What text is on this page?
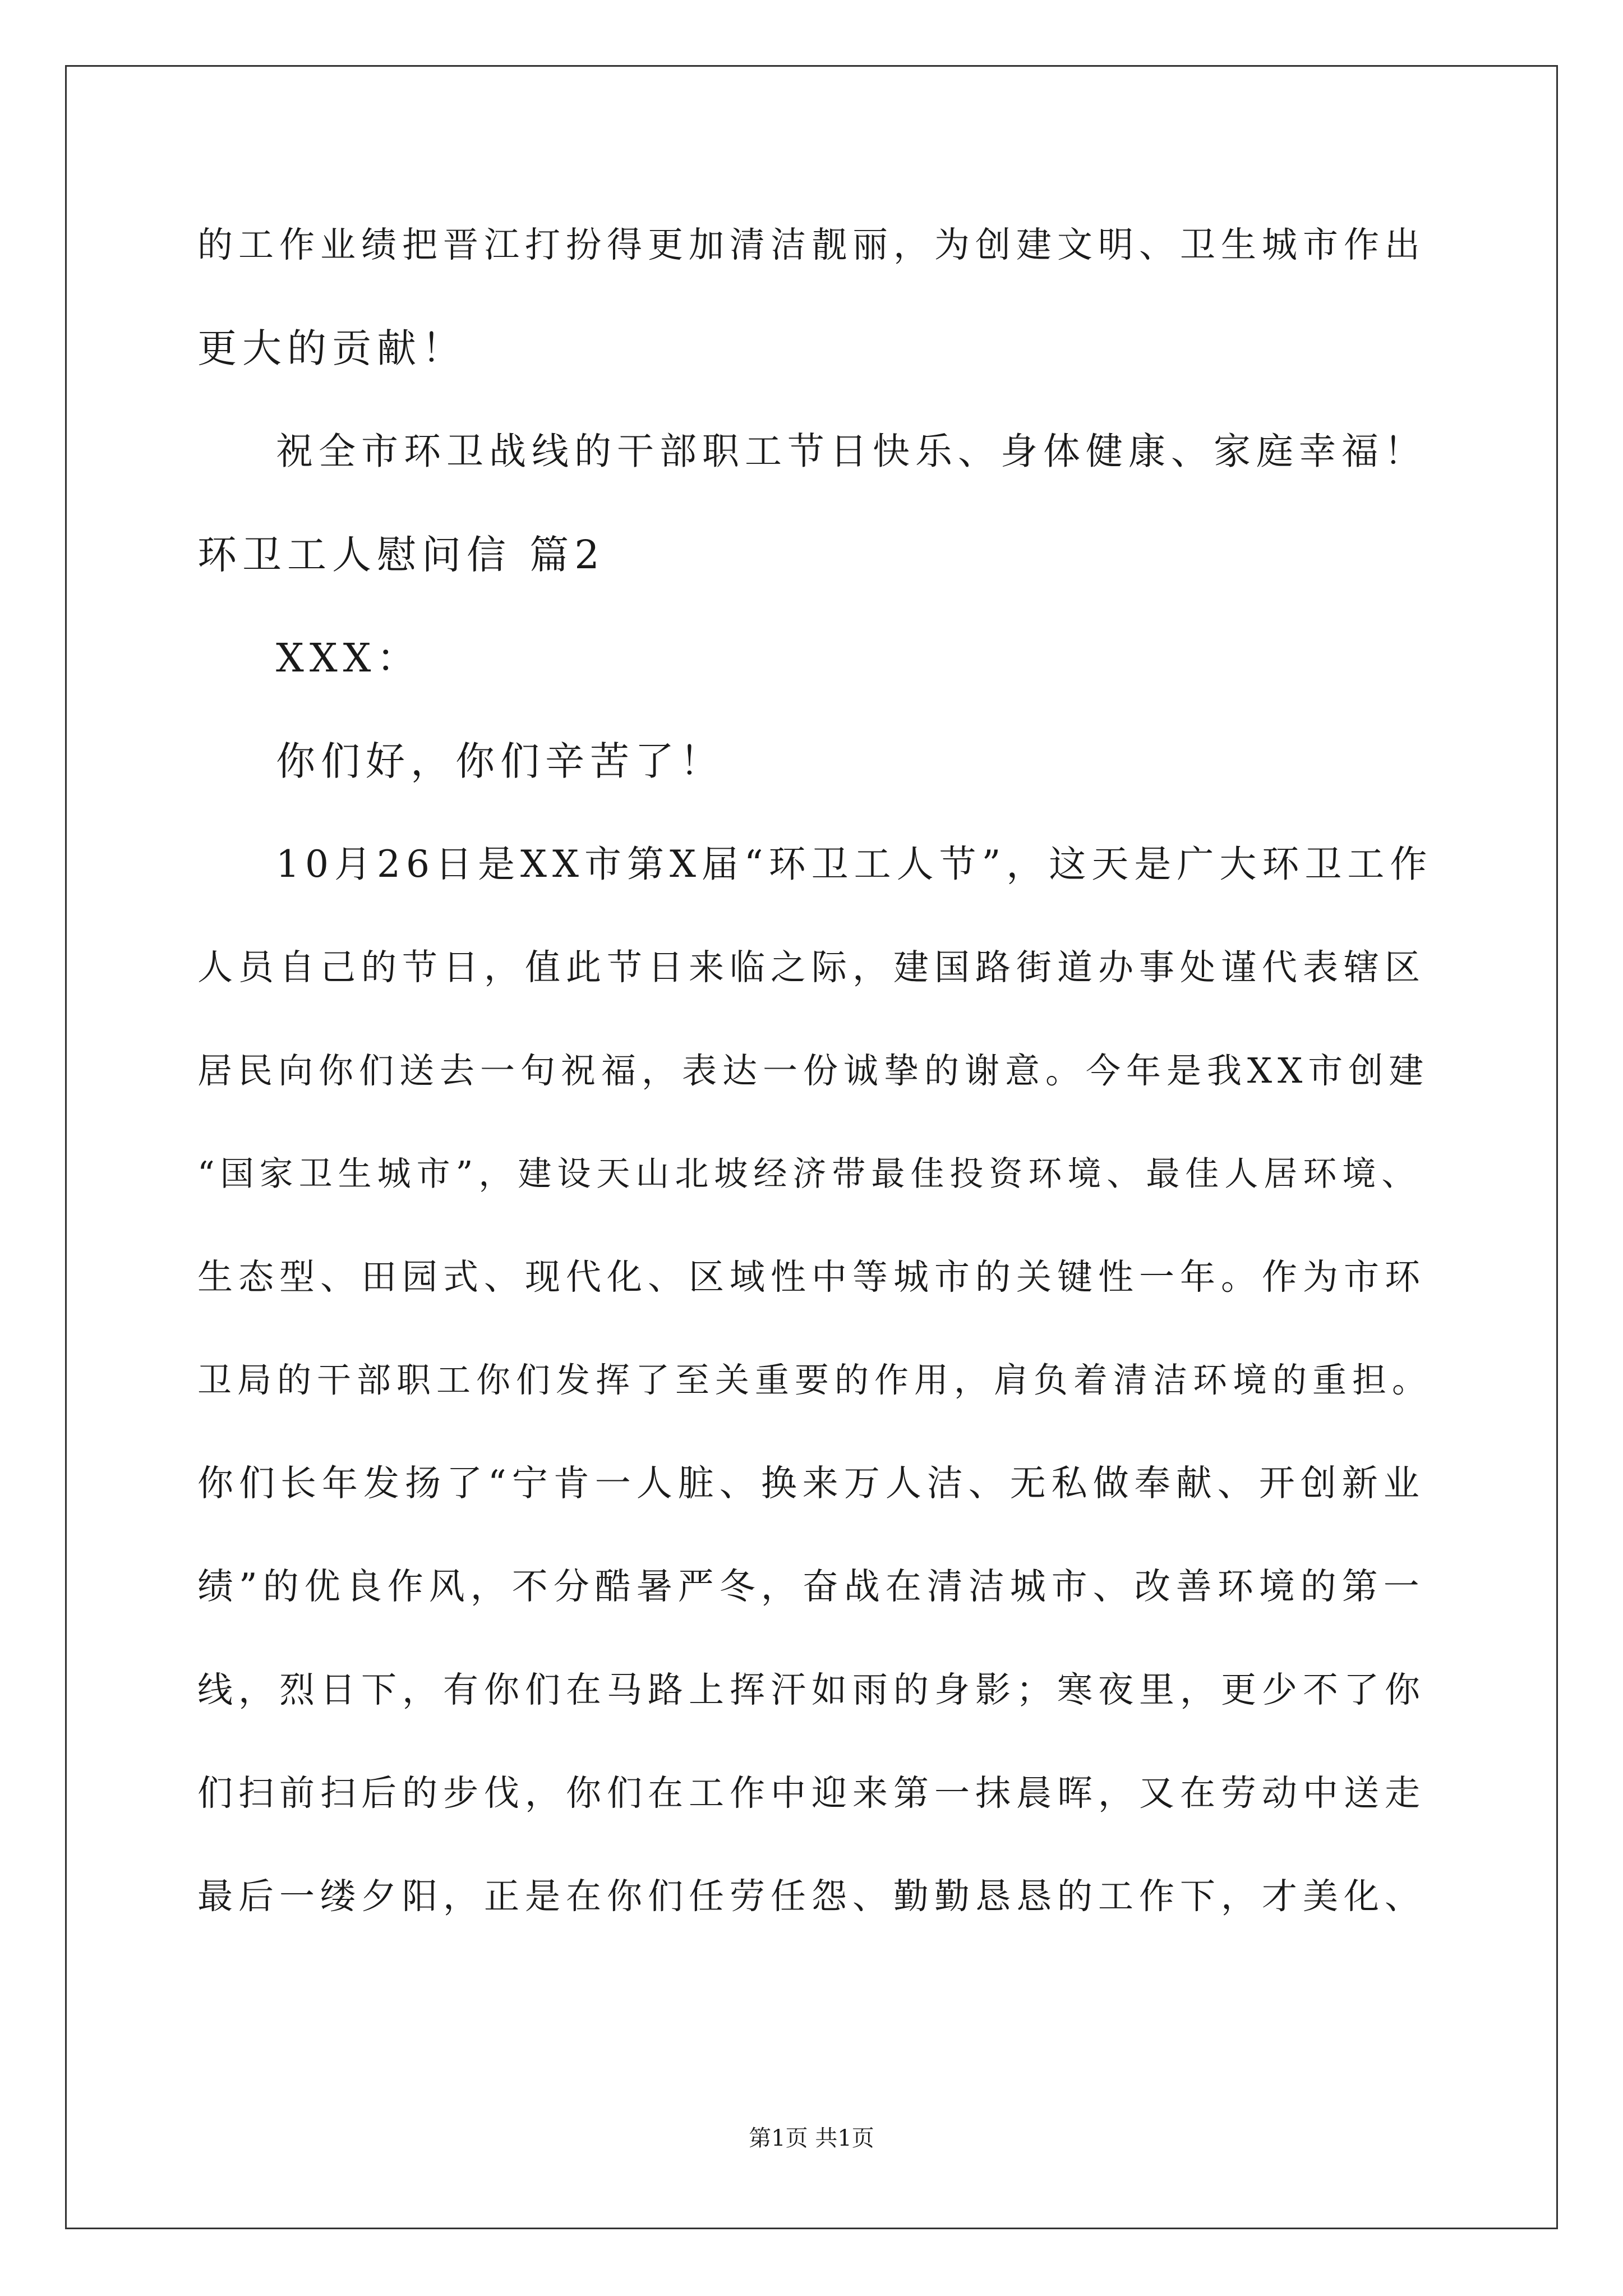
的工作业绩把晋江打扮得更加清洁靓丽，为创建文明、卫生城市作出
更大的贡献！
祝全市环卫战线的干部职工节日快乐、身体健康、家庭幸福！
环卫工人慰问信 篇2
XXX：
你们好，你们辛苦了！
10月26日是XX市第X届“环卫工人节”，这天是广大环卫工作
人员自己的节日，值此节日来临之际，建国路街道办事处谨代表辖区
居民向你们送去一句祝福，表达一份诚挚的谢意。今年是我XX市创建
“国家卫生城市”，建设天山北坡经济带最佳投资环境、最佳人居环境、
生态型、田园式、现代化、区域性中等城市的关键性一年。作为市环
卫局的干部职工你们发挥了至关重要的作用，肩负着清洁环境的重担。
你们长年发扬了“宁肯一人脏、换来万人洁、无私做奉献、开创新业
绩”的优良作风，不分酷暑严冬，奋战在清洁城市、改善环境的第一
线，烈日下，有你们在马路上挥汗如雨的身影；寒夜里，更少不了你
们扫前扫后的步伐，你们在工作中迎来第一抹晨晖，又在劳动中送走
最后一缕夕阳，正是在你们任劳任怨、勤勤恳恳的工作下，才美化、
第1页 共1页
